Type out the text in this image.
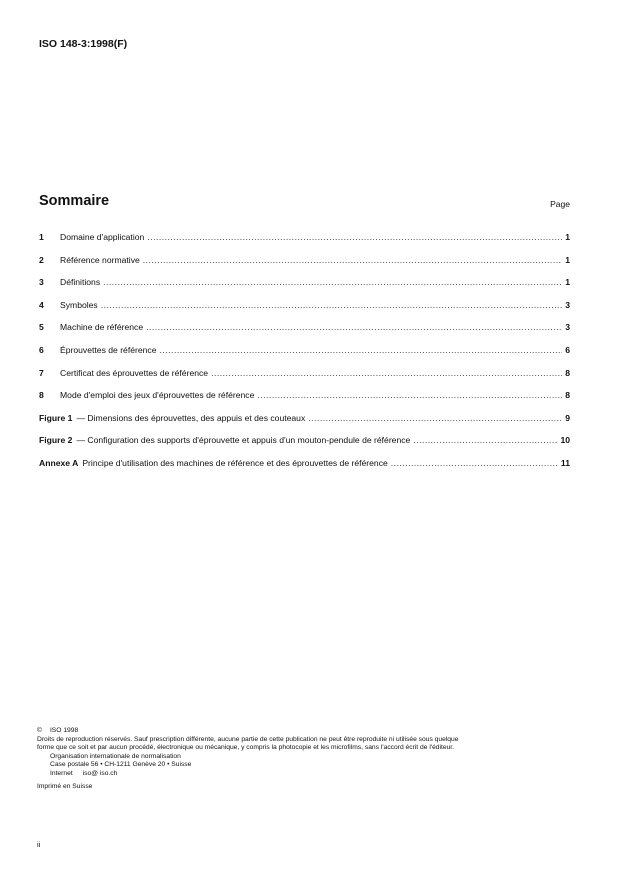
ISO 148-3:1998(F)
Sommaire	Page
1	Domaine d'application .....	1
2	Référence normative .....	1
3	Définitions .....	1
4	Symboles .....	3
5	Machine de référence .....	3
6	Éprouvettes de référence .....	6
7	Certificat des éprouvettes de référence .....	8
8	Mode d'emploi des jeux d'éprouvettes de référence .....	8
Figure 1 — Dimensions des éprouvettes, des appuis et des couteaux .....	9
Figure 2 — Configuration des supports d'éprouvette et appuis d'un mouton-pendule de référence .....	10
Annexe A Principe d'utilisation des machines de référence et des éprouvettes de référence .....	11
© ISO 1998
Droits de reproduction réservés. Sauf prescription différente, aucune partie de cette publication ne peut être reproduite ni utilisée sous quelque
forme que ce soit et par aucun procédé, électronique ou mécanique, y compris la photocopie et les microfilms, sans l'accord écrit de l'éditeur.
Organisation internationale de normalisation
Case postale 56 • CH-1211 Genève 20 • Suisse
Internet iso@ iso.ch
Imprimé en Suisse
ii
